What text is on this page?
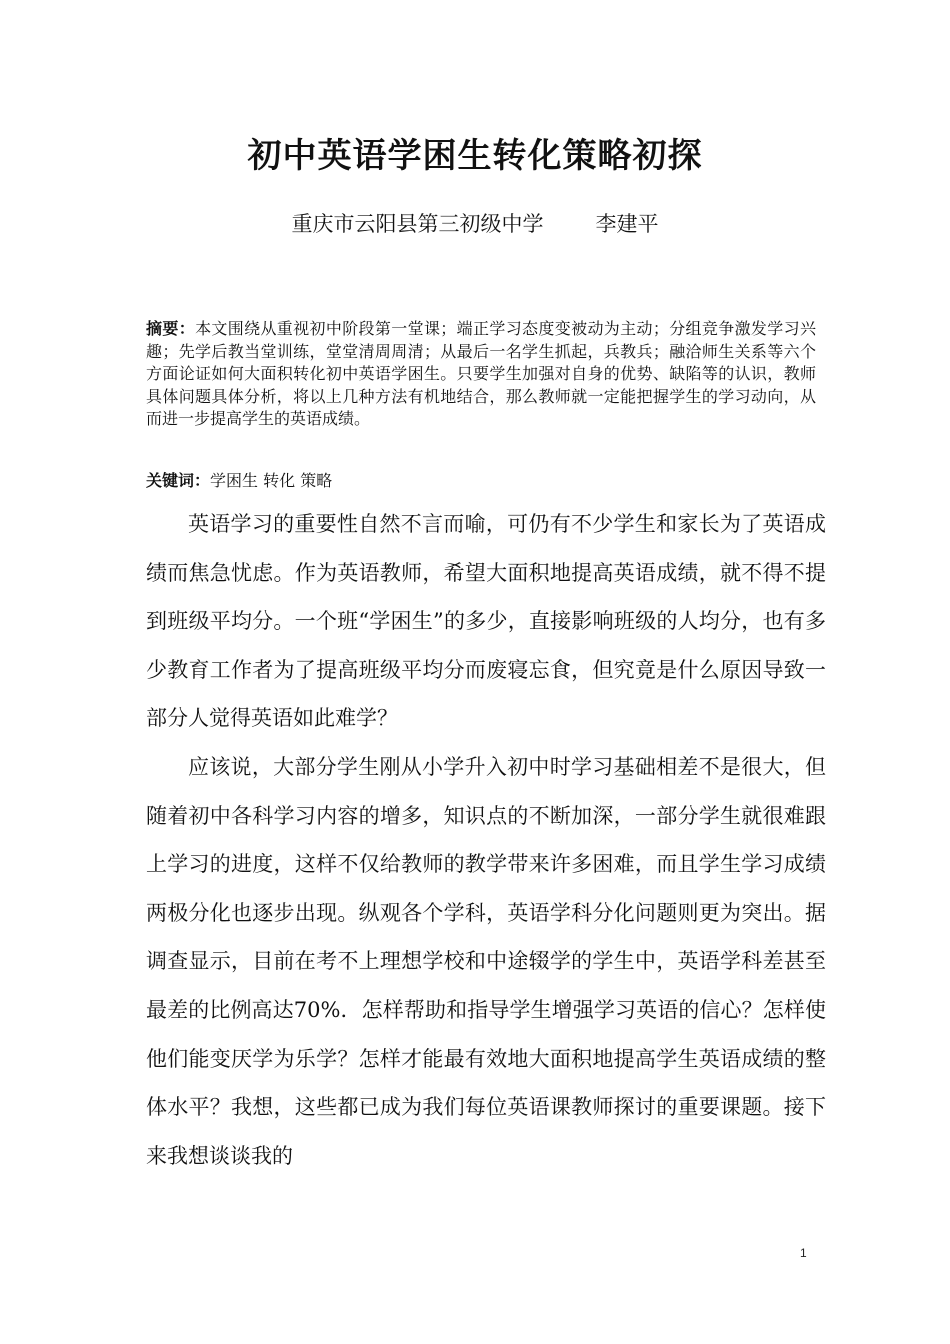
初中英语学困生转化策略初探
重庆市云阳县第三初级中学 李建平
摘要：本文围绕从重视初中阶段第一堂课；端正学习态度变被动为主动；分组竞争激发学习兴趣；先学后教当堂训练，堂堂清周周清；从最后一名学生抓起，兵教兵；融洽师生关系等六个方面论证如何大面积转化初中英语学困生。只要学生加强对自身的优势、缺陷等的认识，教师具体问题具体分析，将以上几种方法有机地结合，那么教师就一定能把握学生的学习动向，从而进一步提高学生的英语成绩。
关键词：学困生 转化 策略

英语学习的重要性自然不言而喻，可仍有不少学生和家长为了英语成绩而焦急忧虑。作为英语教师，希望大面积地提高英语成绩，就不得不提到班级平均分。一个班“学困生”的多少，直接影响班级的人均分，也有多少教育工作者为了提高班级平均分而废寝忘食，但究竟是什么原因导致一部分人觉得英语如此难学？

应该说，大部分学生刚从小学升入初中时学习基础相差不是很大，但随着初中各科学习内容的增多，知识点的不断加深，一部分学生就很难跟上学习的进度，这样不仅给教师的教学带来许多困难，而且学生学习成绩两极分化也逐步出现。纵观各个学科，英语学科分化问题则更为突出。据调查显示，目前在考不上理想学校和中途辍学的学生中，英语学科差甚至最差的比例高达70%．怎样帮助和指导学生增强学习英语的信心？怎样使他们能变厌学为乐学？怎样才能最有效地大面积地提高学生英语成绩的整体水平？我想，这些都已成为我们每位英语课教师探讨的重要课题。接下来我想谈谈我的

1
